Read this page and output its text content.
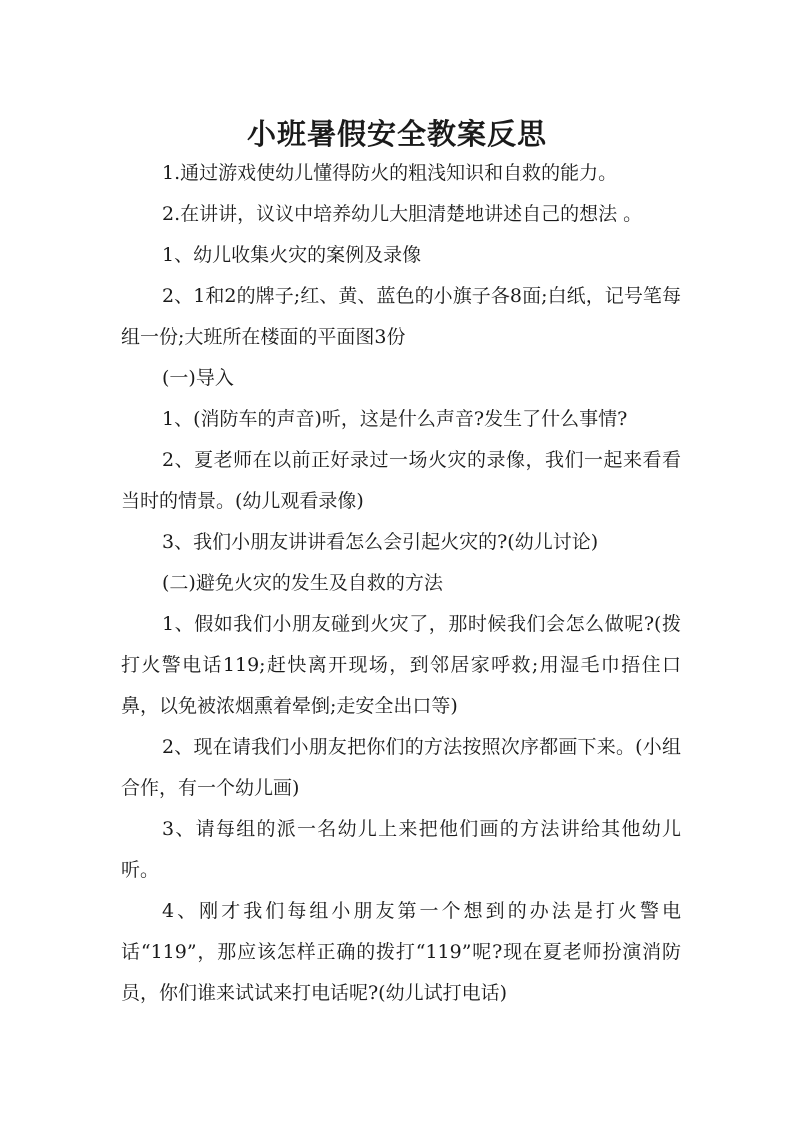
小班暑假安全教案反思

1.通过游戏使幼儿懂得防火的粗浅知识和自救的能力。

2.在讲讲，议议中培养幼儿大胆清楚地讲述自己的想法 。

1、幼儿收集火灾的案例及录像

2、1和2的牌子;红、黄、蓝色的小旗子各8面;白纸，记号笔每组一份;大班所在楼面的平面图3份

(一)导入

1、(消防车的声音)听，这是什么声音?发生了什么事情?

2、夏老师在以前正好录过一场火灾的录像，我们一起来看看当时的情景。(幼儿观看录像)

3、我们小朋友讲讲看怎么会引起火灾的?(幼儿讨论)

(二)避免火灾的发生及自救的方法

1、假如我们小朋友碰到火灾了，那时候我们会怎么做呢?(拨打火警电话119;赶快离开现场，到邻居家呼救;用湿毛巾捂住口鼻，以免被浓烟熏着晕倒;走安全出口等)

2、现在请我们小朋友把你们的方法按照次序都画下来。(小组合作，有一个幼儿画)

3、请每组的派一名幼儿上来把他们画的方法讲给其他幼儿听。

4、刚才我们每组小朋友第一个想到的办法是打火警电话“119”，那应该怎样正确的拨打“119”呢?现在夏老师扮演消防员，你们谁来试试来打电话呢?(幼儿试打电话)
